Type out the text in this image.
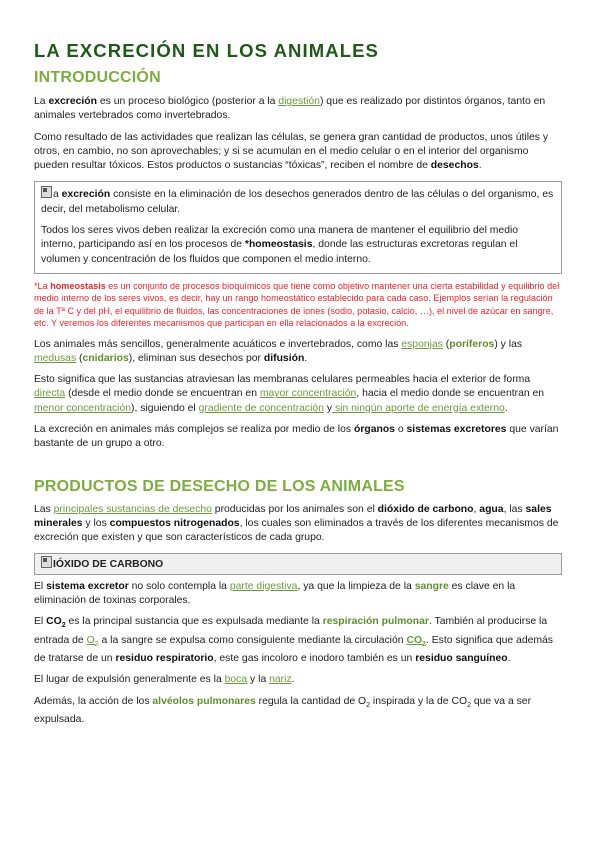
LA EXCRECIÓN EN LOS ANIMALES
INTRODUCCIÓN

La excreción es un proceso biológico (posterior a la digestión) que es realizado por distintos órganos, tanto en animales vertebrados como invertebrados.

Como resultado de las actividades que realizan las células, se genera gran cantidad de productos, unos útiles y otros, en cambio, no son aprovechables; y si se acumulan en el medio celular o en el interior del organismo pueden resultar tóxicos. Estos productos o sustancias “tóxicas”, reciben el nombre de desechos.

a excreción consiste en la eliminación de los desechos generados dentro de las células o del organismo, es decir, del metabolismo celular.

Todos los seres vivos deben realizar la excreción como una manera de mantener el equilibrio del medio interno, participando así en los procesos de *homeostasis, donde las estructuras excretoras regulan el volumen y concentración de los fluidos que componen el medio interno.

*La homeostasis es un conjunto de procesos bioquímicos que tiene como objetivo mantener una cierta estabilidad y equilibrio del medio interno de los seres vivos, es decir, hay un rango homeostático establecido para cada caso. Ejemplos serían la regulación de la Tª C y del pH, el equilibrio de fluidos, las concentraciones de iones (sodio, potasio, calcio, …), el nivel de azúcar en sangre, etc. Y veremos los diferentes mecanismos que participan en ella relacionados a la excreción.

Los animales más sencillos, generalmente acuáticos e invertebrados, como las esponjas (poríferos) y las medusas (cnidarios), eliminan sus desechos por difusión.

Esto significa que las sustancias atraviesan las membranas celulares permeables hacia el exterior de forma directa (desde el medio donde se encuentran en mayor concentración, hacia el medio donde se encuentran en menor concentración), siguiendo el gradiente de concentración y sin ningún aporte de energía externo.

La excreción en animales más complejos se realiza por medio de los órganos o sistemas excretores que varían bastante de un grupo a otro.

PRODUCTOS DE DESECHO DE LOS ANIMALES

Las principales sustancias de desecho producidas por los animales son el dióxido de carbono, agua, las sales minerales y los compuestos nitrogenados, los cuales son eliminados a través de los diferentes mecanismos de excreción que existen y que son característicos de cada grupo.

IÓXIDO DE CARBONO

El sistema excretor no solo contempla la parte digestiva, ya que la limpieza de la sangre es clave en la eliminación de toxinas corporales.

El $CO_2$ es la principal sustancia que es expulsada mediante la respiración pulmonar. También al producirse la entrada de $O_2$ a la sangre se expulsa como consiguiente mediante la circulación $CO_2$. Esto significa que además de tratarse de un residuo respiratorio, este gas incoloro e inodoro también es un residuo sanguíneo.

El lugar de expulsión generalmente es la boca y la nariz.

Además, la acción de los alvéolos pulmonares regula la cantidad de $O_2$ inspirada y la de $CO_2$ que va a ser expulsada.
